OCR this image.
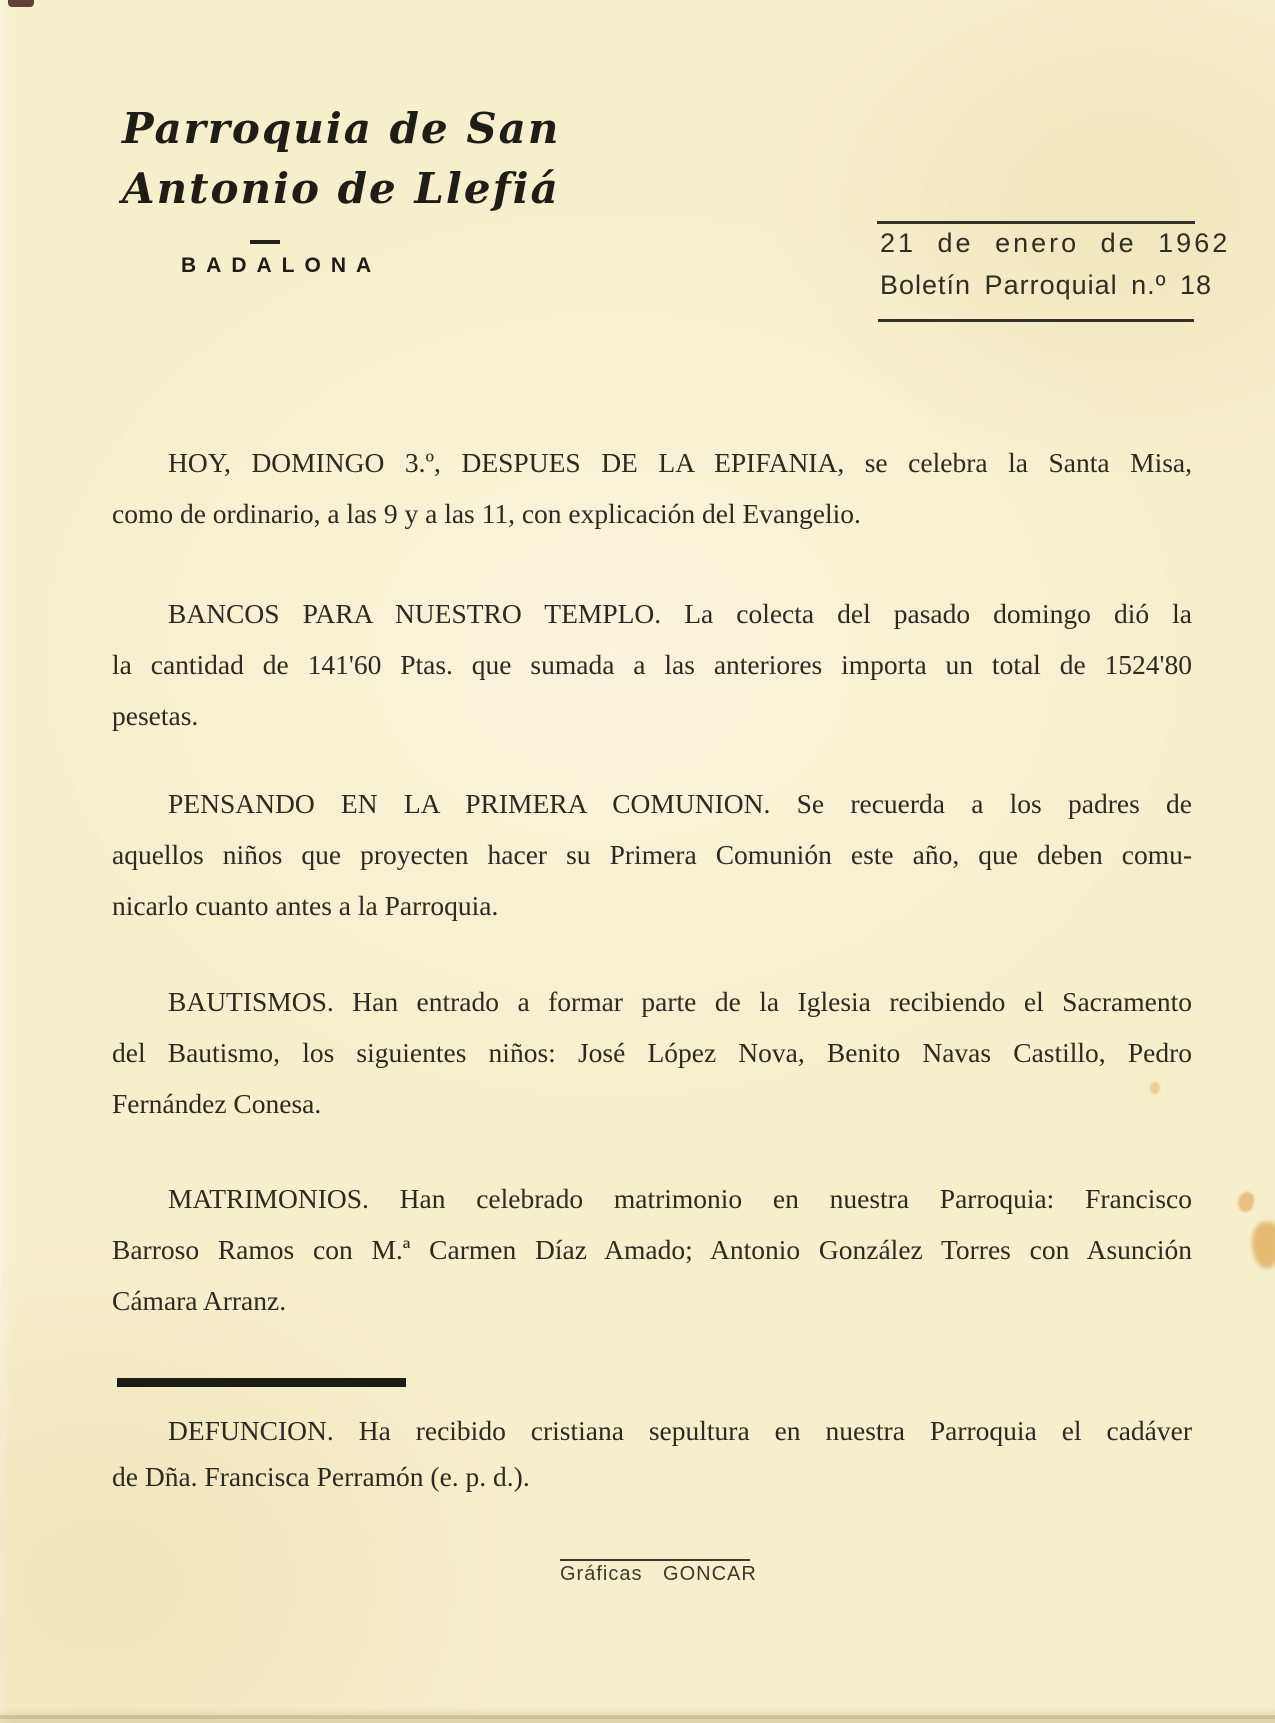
Parroquia de San
Antonio de Llefiá
BADALONA
21 de enero de 1962
Boletín Parroquial n.º 18
HOY, DOMINGO 3.º, DESPUES DE LA EPIFANIA, se celebra la Santa Misa,
como de ordinario, a las 9 y a las 11, con explicación del Evangelio.
BANCOS PARA NUESTRO TEMPLO. La colecta del pasado domingo dió la
la cantidad de 141'60 Ptas. que sumada a las anteriores importa un total de 1524'80
pesetas.
PENSANDO EN LA PRIMERA COMUNION. Se recuerda a los padres de
aquellos niños que proyecten hacer su Primera Comunión este año, que deben comu-
nicarlo cuanto antes a la Parroquia.
BAUTISMOS. Han entrado a formar parte de la Iglesia recibiendo el Sacramento
del Bautismo, los siguientes niños: José López Nova, Benito Navas Castillo, Pedro
Fernández Conesa.
MATRIMONIOS. Han celebrado matrimonio en nuestra Parroquia: Francisco
Barroso Ramos con M.ª Carmen Díaz Amado; Antonio González Torres con Asunción
Cámara Arranz.
DEFUNCION. Ha recibido cristiana sepultura en nuestra Parroquia el cadáver
de Dña. Francisca Perramón (e. p. d.).
Gráficas GONCAR
